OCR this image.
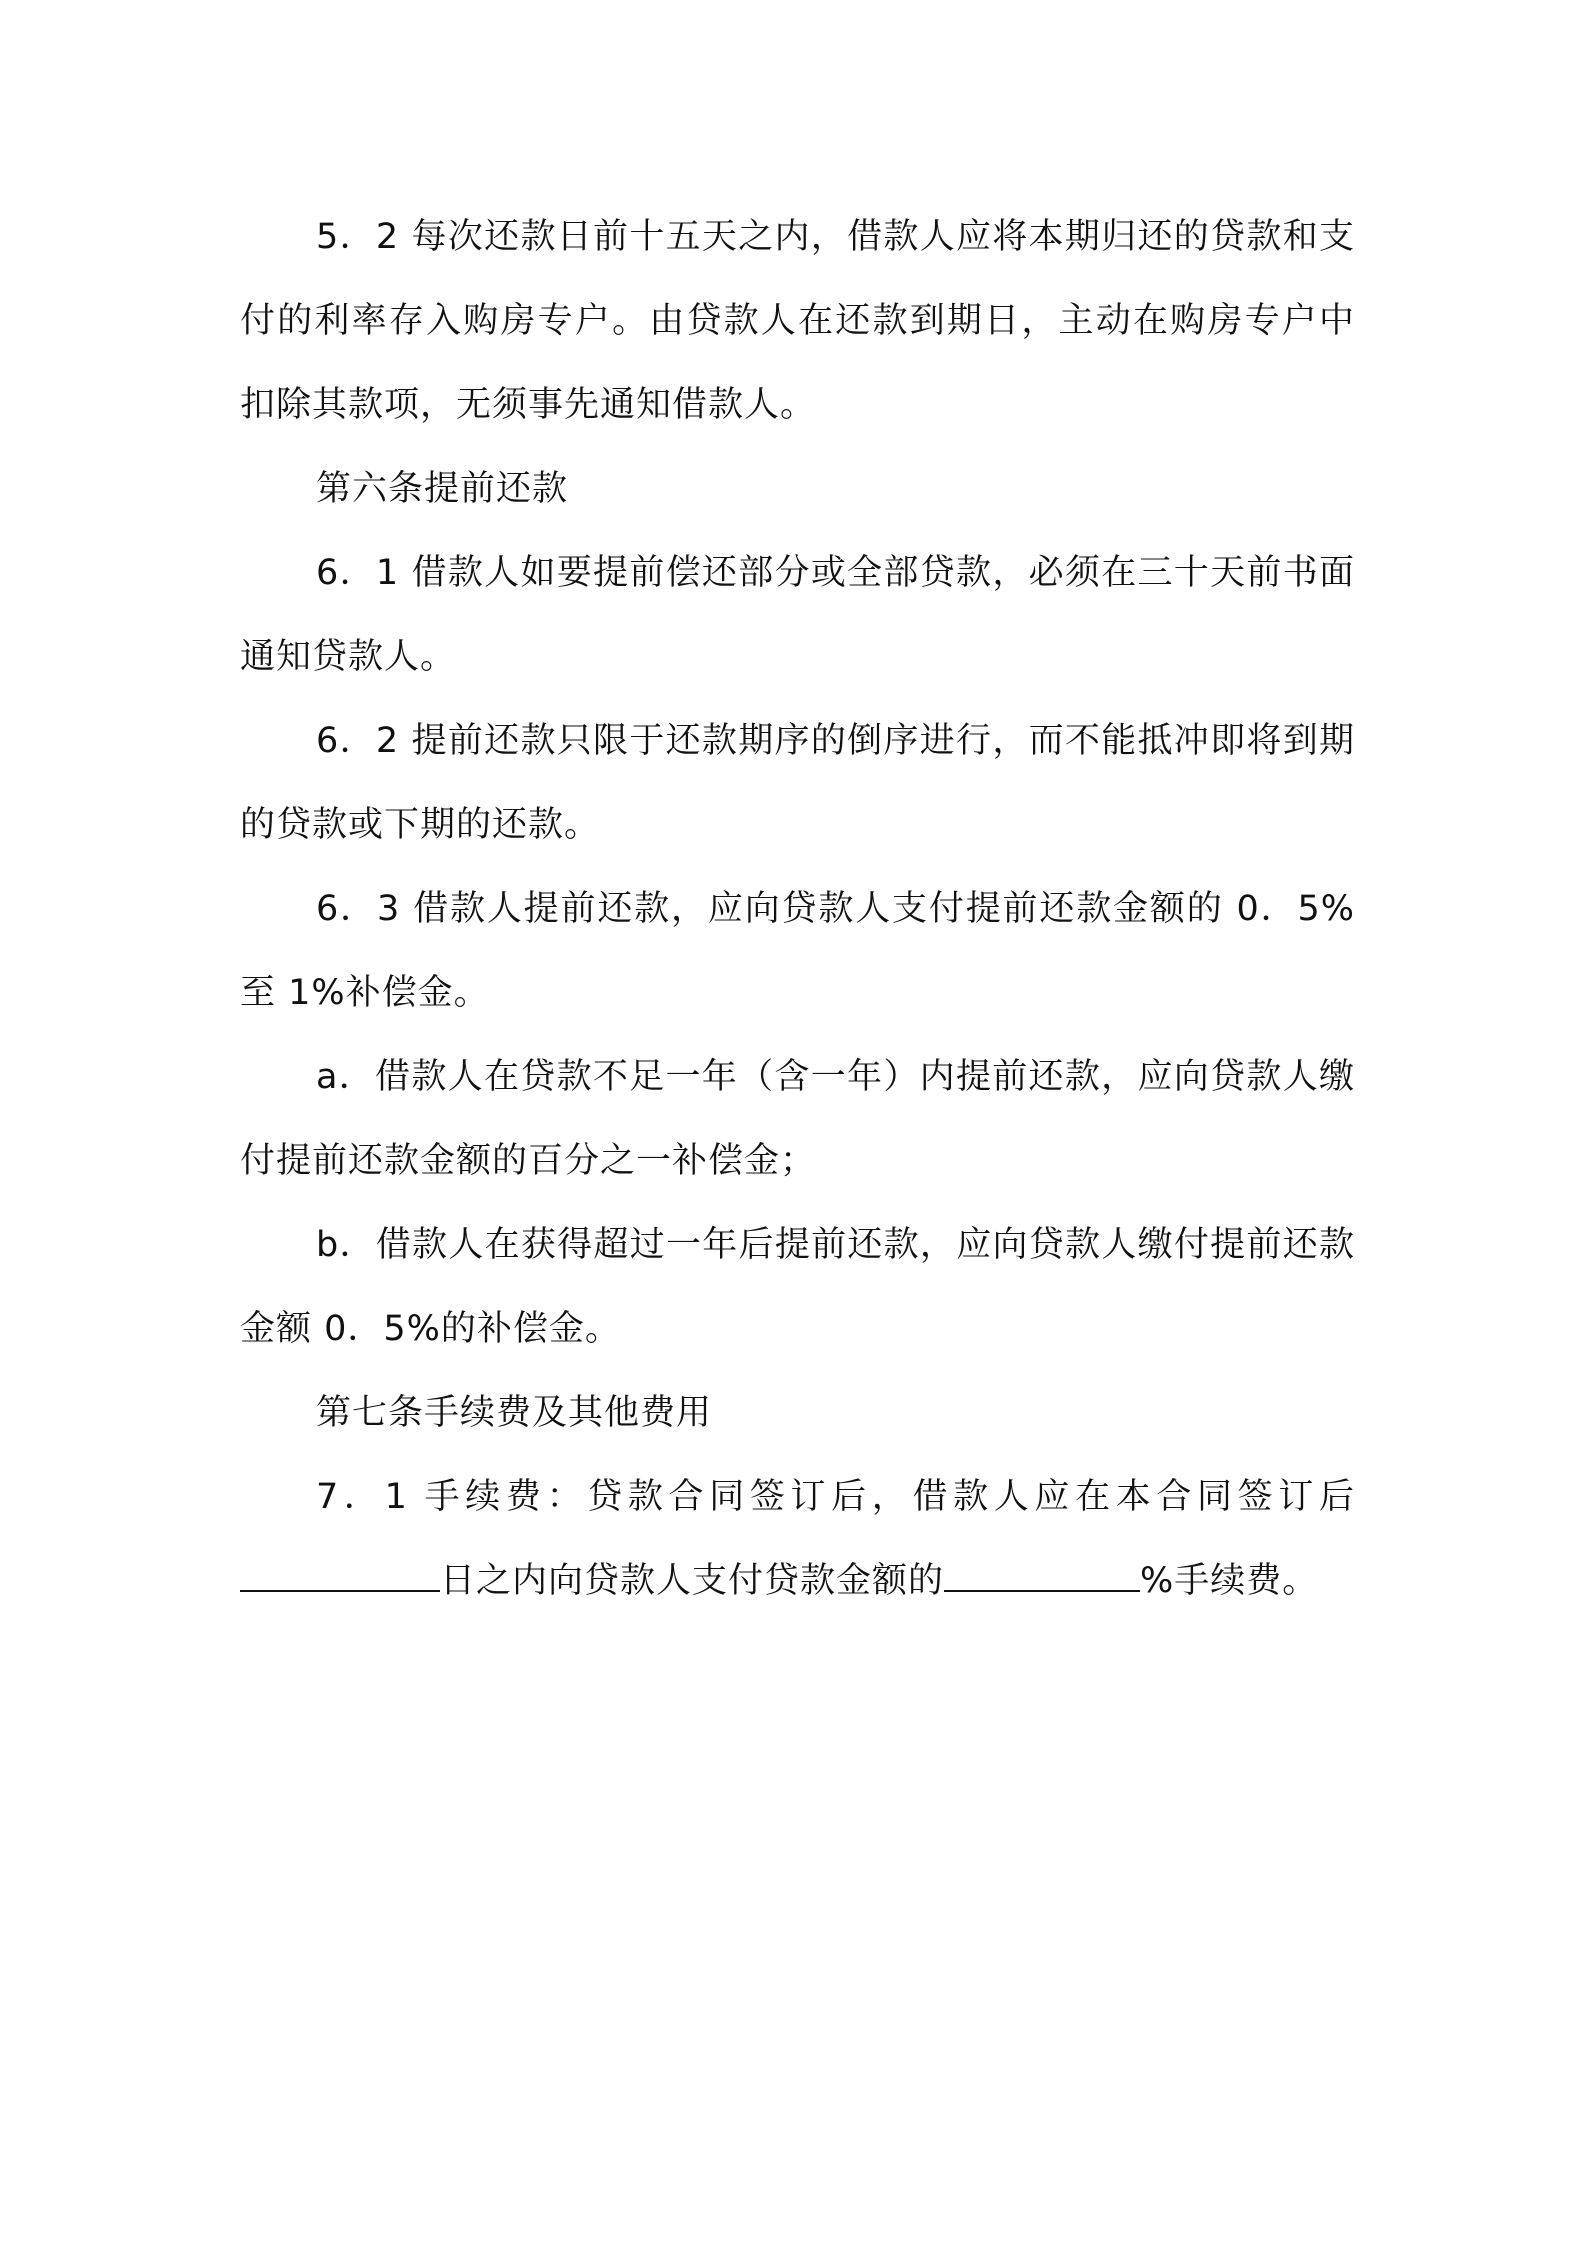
5．2 每次还款日前十五天之内，借款人应将本期归还的贷款和支付的利率存入购房专户。由贷款人在还款到期日，主动在购房专户中扣除其款项，无须事先通知借款人。

第六条提前还款

6．1 借款人如要提前偿还部分或全部贷款，必须在三十天前书面通知贷款人。

6．2 提前还款只限于还款期序的倒序进行，而不能抵冲即将到期的贷款或下期的还款。

6．3 借款人提前还款，应向贷款人支付提前还款金额的 0．5%至 1%补偿金。

a．借款人在贷款不足一年（含一年）内提前还款，应向贷款人缴付提前还款金额的百分之一补偿金；

b．借款人在获得超过一年后提前还款，应向贷款人缴付提前还款金额 0．5%的补偿金。

第七条手续费及其他费用

7．1 手续费：贷款合同签订后，借款人应在本合同签订后日之内向贷款人支付贷款金额的	%手续费。
